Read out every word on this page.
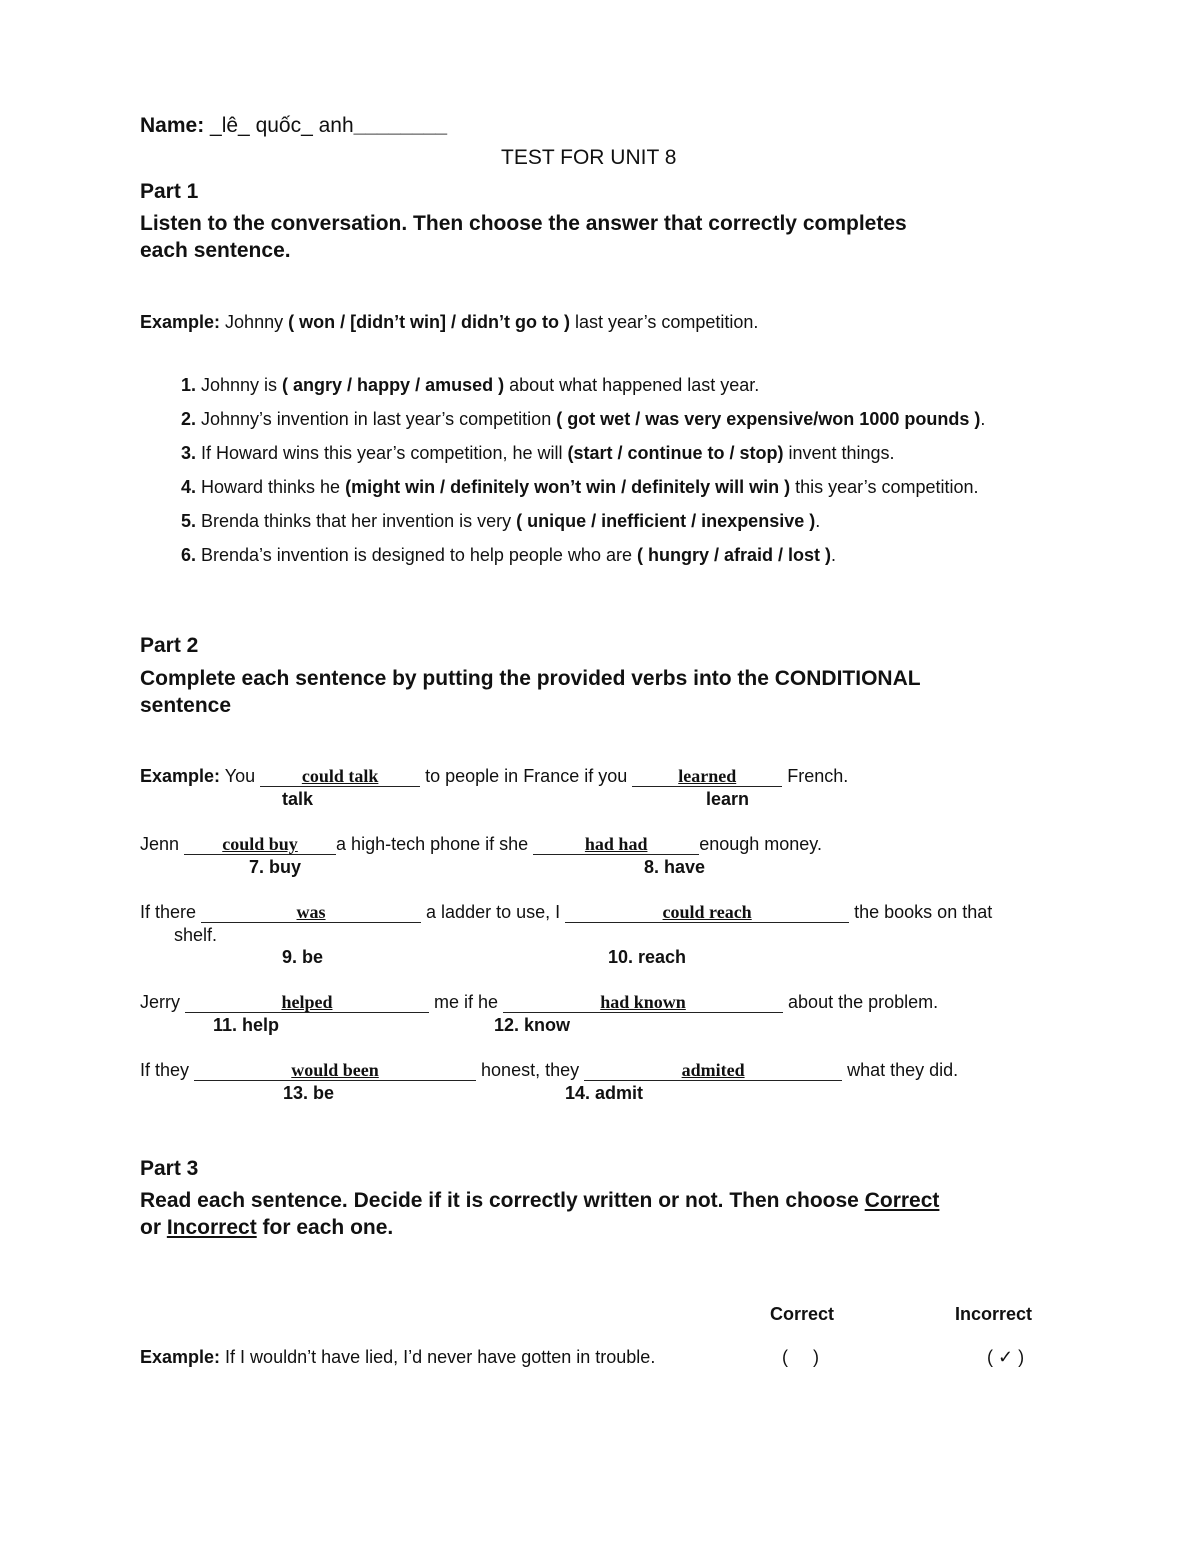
Name: _lê_ quốc_ anh________
TEST FOR UNIT 8
Part 1
Listen to the conversation. Then choose the answer that correctly completes
each sentence.
Example: Johnny ( won / [didn’t win] / didn’t go to ) last year’s competition.
1. Johnny is ( angry / happy / amused ) about what happened last year.
2. Johnny’s invention in last year’s competition ( got wet / was very expensive/won 1000 pounds ).
3. If Howard wins this year’s competition, he will (start / continue to / stop) invent things.
4. Howard thinks he (might win / definitely won’t win / definitely will win ) this year’s competition.
5. Brenda thinks that her invention is very ( unique / inefficient / inexpensive ).
6. Brenda’s invention is designed to help people who are ( hungry / afraid / lost ).
Part 2
Complete each sentence by putting the provided verbs into the CONDITIONAL
sentence
Example: You could talk to people in France if you	learned	French.
talk	learn
Jenn could buy a high-tech phone if she	had had	enough money.
7. buy	8. have
If there	was	a ladder to use, I	could reach	the books on that
shelf.
9. be	10. reach
Jerry	helped	me if he	had known	about the problem.
11. help	12. know
If they	would been	honest, they	admited	what they did.
13. be	14. admit
Part 3
Read each sentence. Decide if it is correctly written or not. Then choose Correct
or Incorrect for each one.
Correct	Incorrect
Example: If I wouldn’t have lied, I’d never have gotten in trouble.	(     )	( ✓ )
